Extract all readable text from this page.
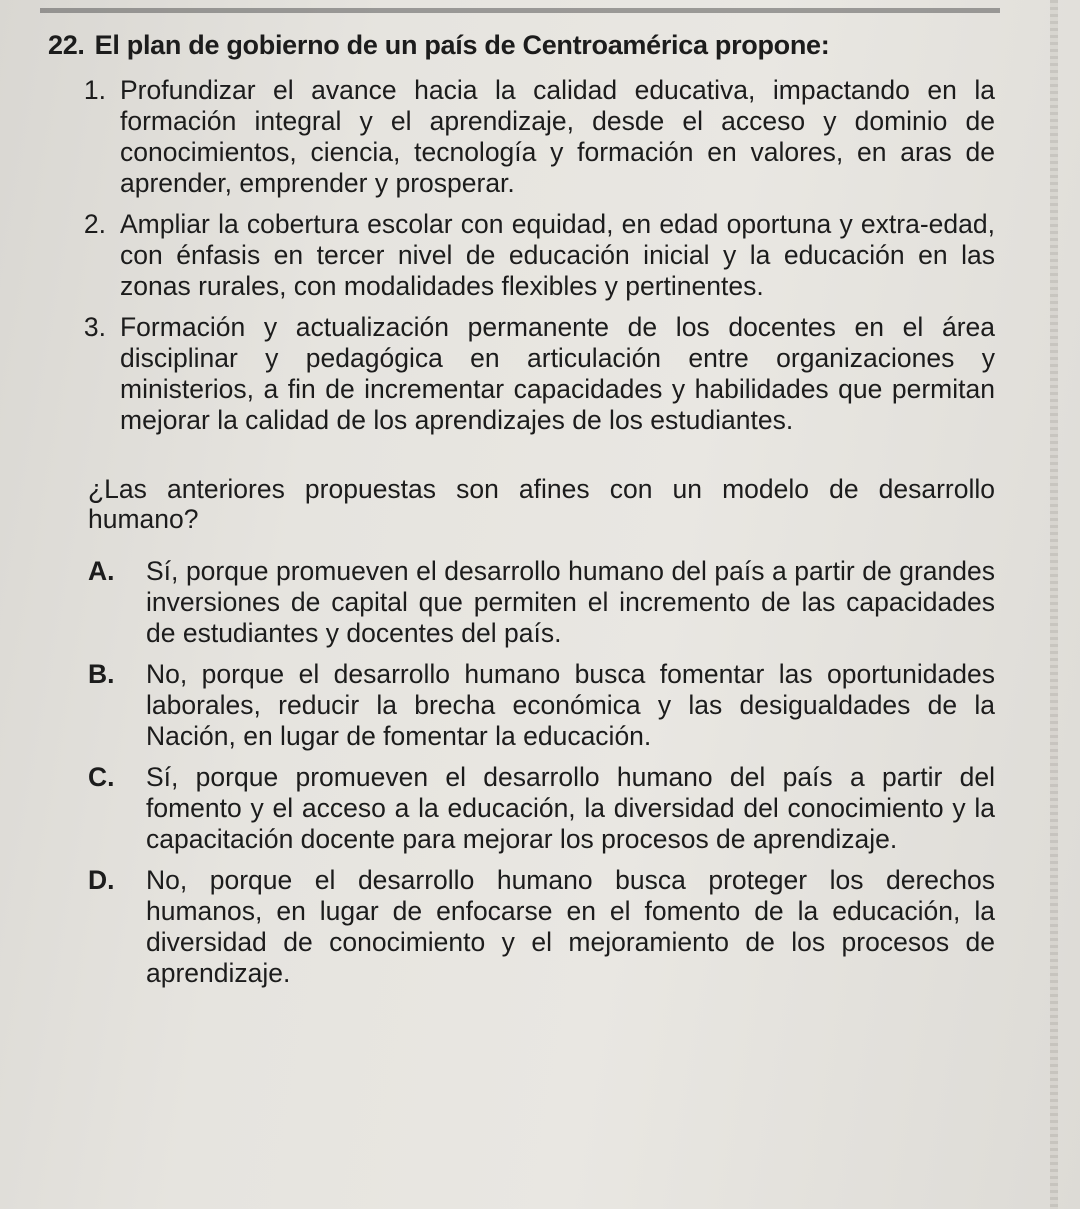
22. El plan de gobierno de un país de Centroamérica propone:
1. Profundizar el avance hacia la calidad educativa, impactando en la formación integral y el aprendizaje, desde el acceso y dominio de conocimientos, ciencia, tecnología y formación en valores, en aras de aprender, emprender y prosperar.
2. Ampliar la cobertura escolar con equidad, en edad oportuna y extra-edad, con énfasis en tercer nivel de educación inicial y la educación en las zonas rurales, con modalidades flexibles y pertinentes.
3. Formación y actualización permanente de los docentes en el área disciplinar y pedagógica en articulación entre organizaciones y ministerios, a fin de incrementar capacidades y habilidades que permitan mejorar la calidad de los aprendizajes de los estudiantes.

¿Las anteriores propuestas son afines con un modelo de desarrollo humano?

A.	Sí, porque promueven el desarrollo humano del país a partir de grandes inversiones de capital que permiten el incremento de las capacidades de estudiantes y docentes del país.
B.	No, porque el desarrollo humano busca fomentar las oportunidades laborales, reducir la brecha económica y las desigualdades de la Nación, en lugar de fomentar la educación.
C.	Sí, porque promueven el desarrollo humano del país a partir del fomento y el acceso a la educación, la diversidad del conocimiento y la capacitación docente para mejorar los procesos de aprendizaje.
D.	No, porque el desarrollo humano busca proteger los derechos humanos, en lugar de enfocarse en el fomento de la educación, la diversidad de conocimiento y el mejoramiento de los procesos de aprendizaje.
